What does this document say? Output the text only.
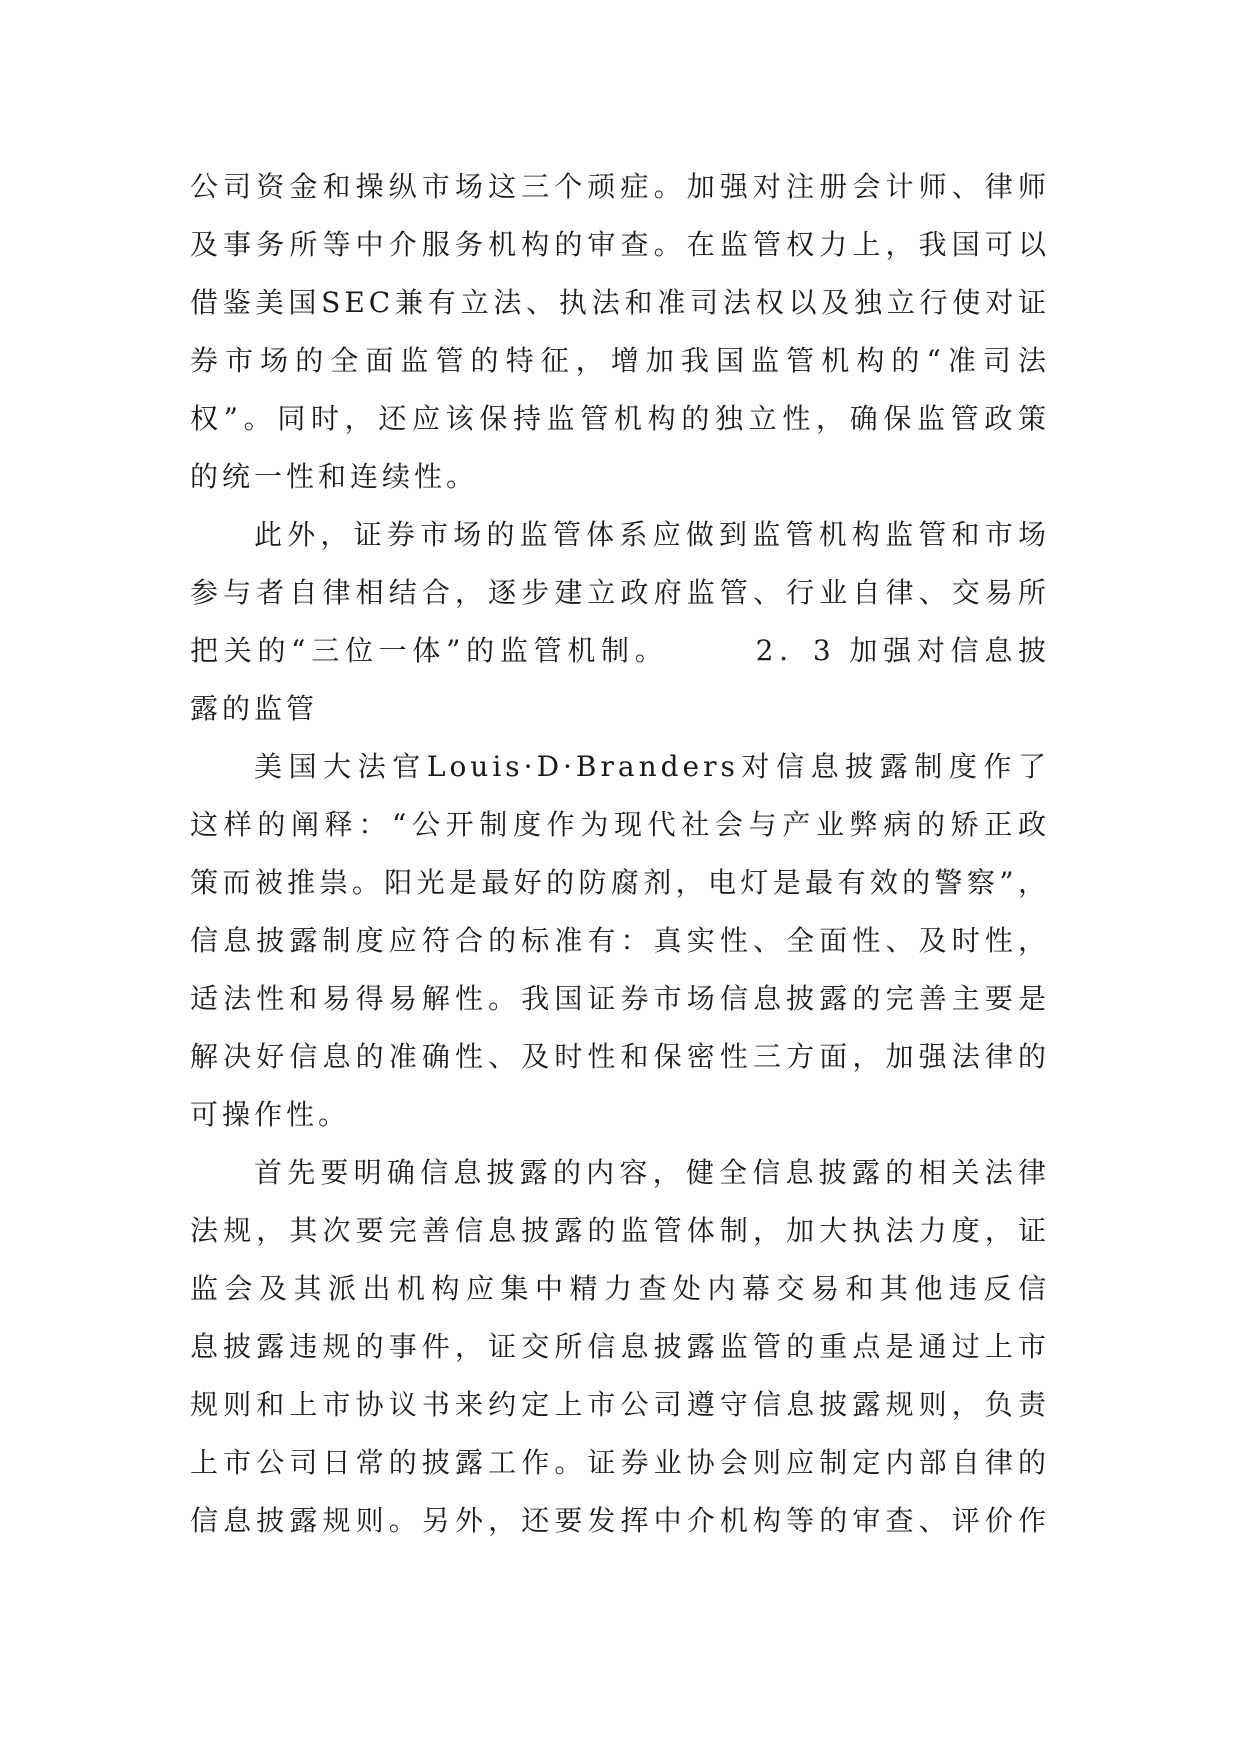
公司资金和操纵市场这三个顽症。加强对注册会计师、律师
及事务所等中介服务机构的审查。在监管权力上，我国可以
借鉴美国SEC兼有立法、执法和准司法权以及独立行使对证
券市场的全面监管的特征，增加我国监管机构的“准司法
权”。同时，还应该保持监管机构的独立性，确保监管政策
的统一性和连续性。
此外，证券市场的监管体系应做到监管机构监管和市场
参与者自律相结合，逐步建立政府监管、行业自律、交易所
把关的“三位一体”的监管机制。　　　2．3 加强对信息披
露的监管
美国大法官Louis·D·Branders对信息披露制度作了
这样的阐释：“公开制度作为现代社会与产业弊病的矫正政
策而被推祟。阳光是最好的防腐剂，电灯是最有效的警察”，
信息披露制度应符合的标准有：真实性、全面性、及时性，
适法性和易得易解性。我国证券市场信息披露的完善主要是
解决好信息的准确性、及时性和保密性三方面，加强法律的
可操作性。
首先要明确信息披露的内容，健全信息披露的相关法律
法规，其次要完善信息披露的监管体制，加大执法力度，证
监会及其派出机构应集中精力查处内幕交易和其他违反信
息披露违规的事件，证交所信息披露监管的重点是通过上市
规则和上市协议书来约定上市公司遵守信息披露规则，负责
上市公司日常的披露工作。证券业协会则应制定内部自律的
信息披露规则。另外，还要发挥中介机构等的审查、评价作
